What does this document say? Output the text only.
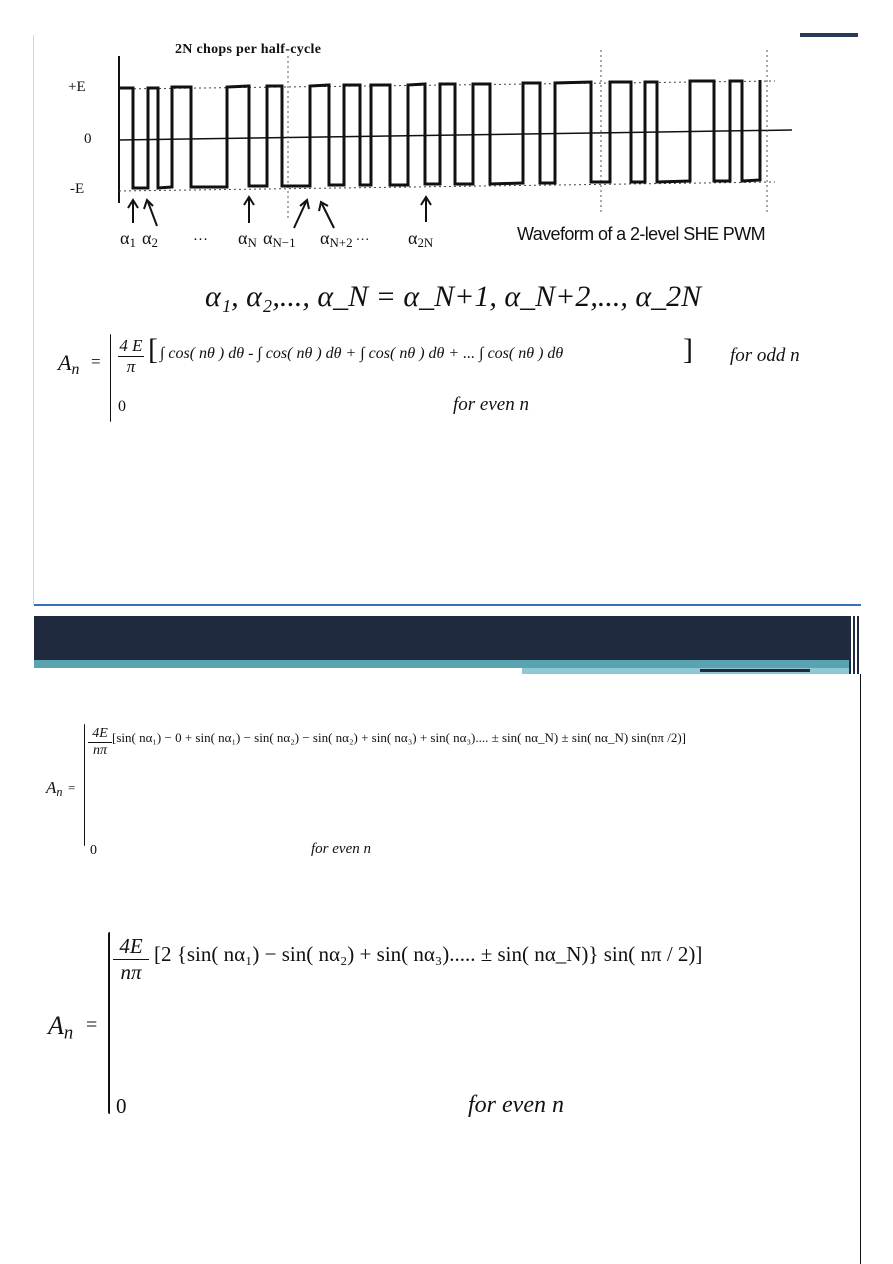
2N chops per half-cycle
+E
0
-E
$\alpha_1$ $\alpha_2$ … $\alpha_N$ $\alpha_{N-1}$ $\alpha_{N+2}$ ··· $\alpha_{2N}$	Waveform of a 2-level SHE PWM
α₁, α₂,..., α_N = α_N+1, α_N+2,..., α_2N
$A_n = \frac{4 E}{\pi}$ [ ∫ cos( nθ ) dθ - ∫ cos( nθ ) dθ + ∫ cos( nθ ) dθ + ... ∫ cos( nθ ) dθ	] for odd n
0	for even n
$A_n$ =
$\frac{4E}{n\pi} [\sin$( nα₁) − 0 + sin( nα₁) − sin( nα₂) − sin( nα₂) + sin( nα₃) + sin( nα₃).... ± sin( nα_N) ± sin( nα_N) sin(nπ /2)]
0	for even n
$A_n$ =
$\frac{4E}{n\pi} [2$ {sin( nα₁) − sin( nα₂) + sin( nα₃)..... ± sin( nα_N)} sin( nπ / 2)]
0	for even n
